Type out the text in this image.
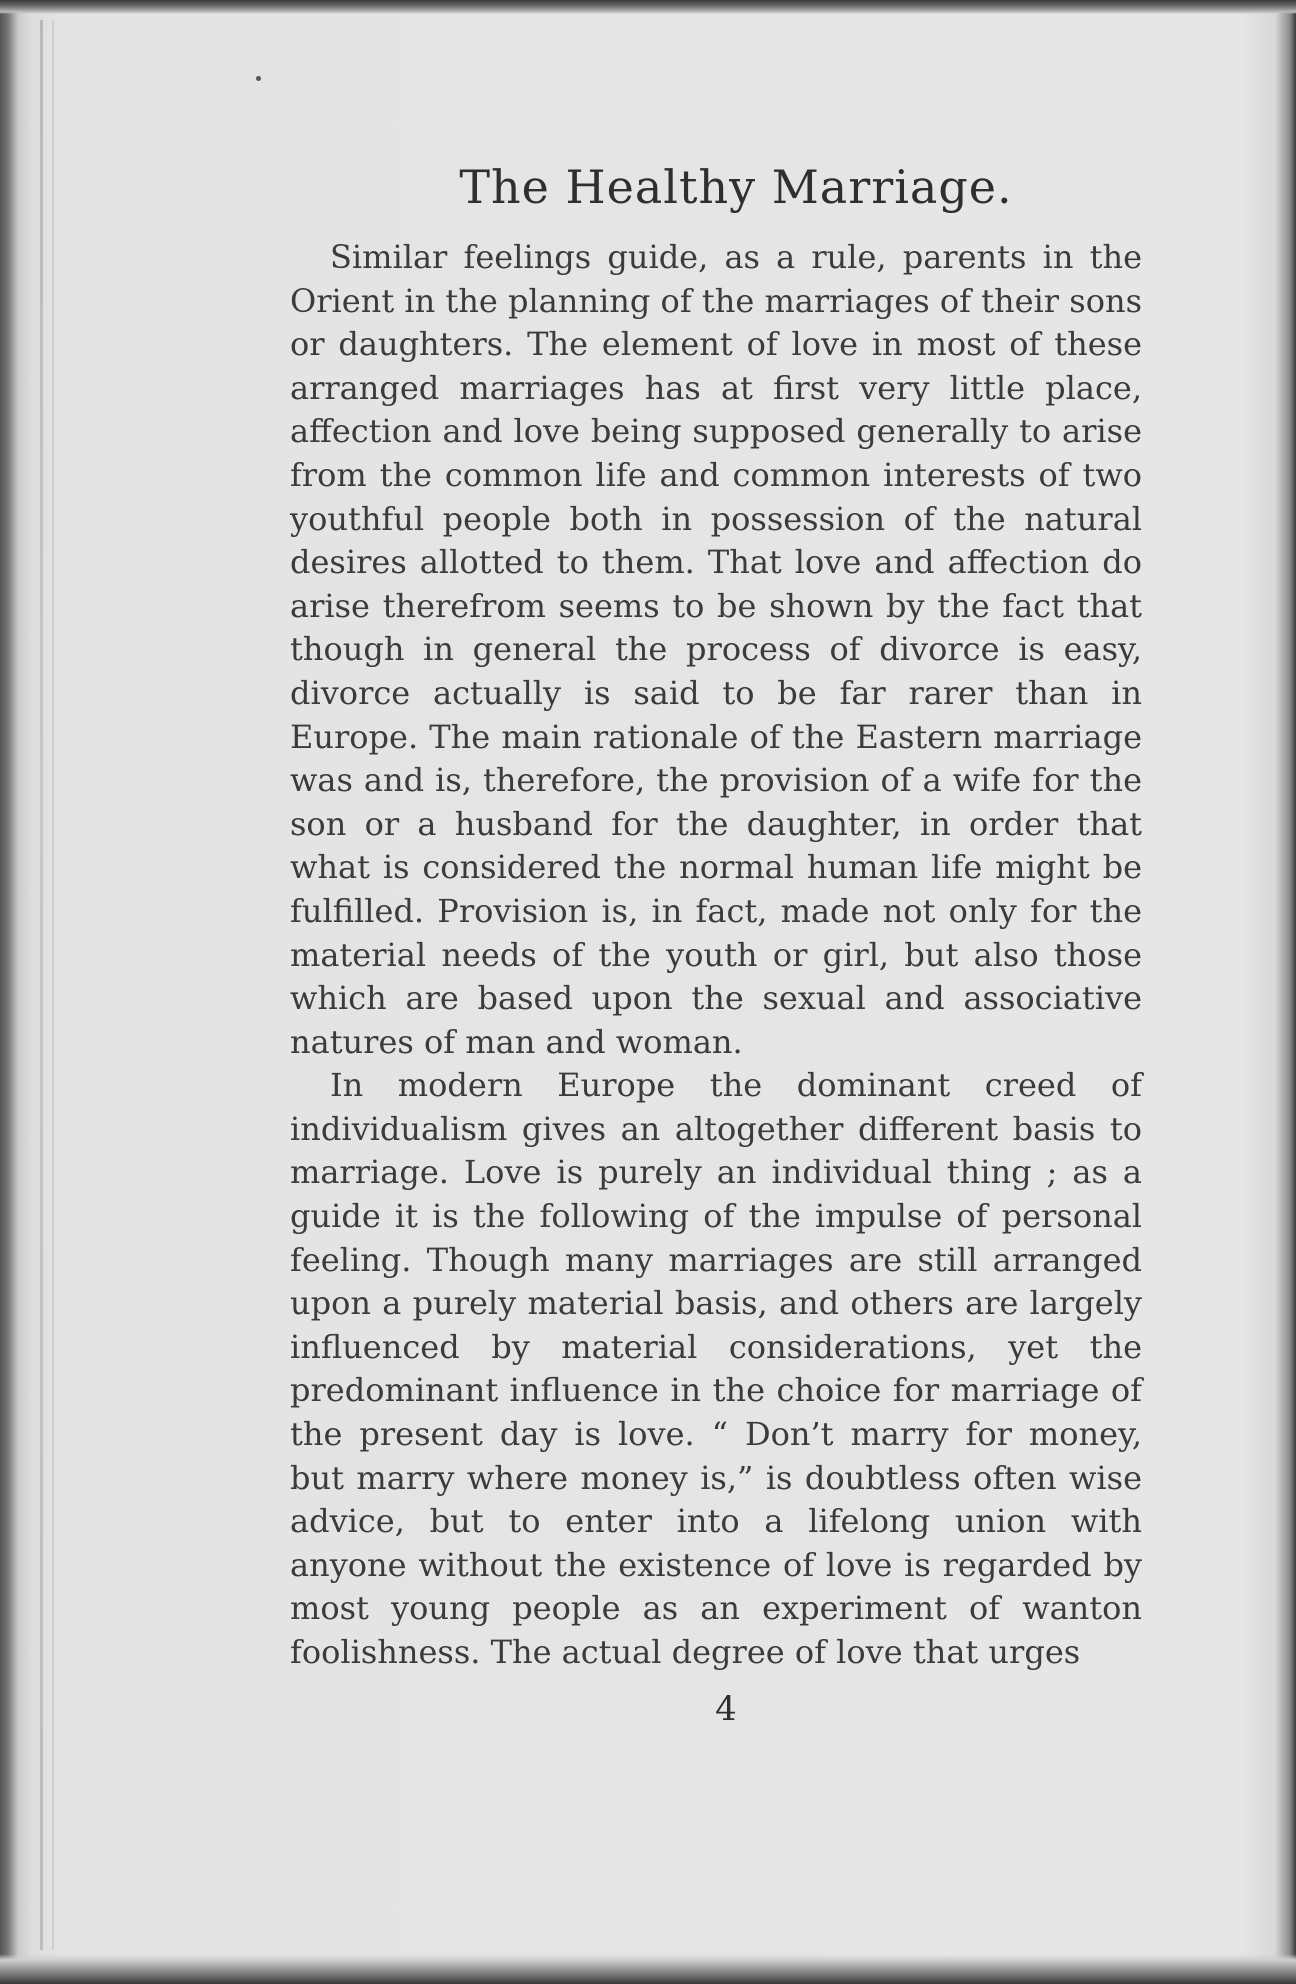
The Healthy Marriage.

Similar feelings guide, as a rule, parents in the Orient in the planning of the marriages of their sons or daughters. The element of love in most of these arranged marriages has at first very little place, affection and love being supposed generally to arise from the common life and common interests of two youthful people both in possession of the natural desires allotted to them. That love and affection do arise therefrom seems to be shown by the fact that though in general the process of divorce is easy, divorce actually is said to be far rarer than in Europe. The main rationale of the Eastern marriage was and is, therefore, the provision of a wife for the son or a husband for the daughter, in order that what is considered the normal human life might be fulfilled. Provision is, in fact, made not only for the material needs of the youth or girl, but also those which are based upon the sexual and associative natures of man and woman.

In modern Europe the dominant creed of individualism gives an altogether different basis to marriage. Love is purely an individual thing ; as a guide it is the following of the impulse of personal feeling. Though many marriages are still arranged upon a purely material basis, and others are largely influenced by material considerations, yet the predominant influence in the choice for marriage of the present day is love. “ Don’t marry for money, but marry where money is,” is doubtless often wise advice, but to enter into a lifelong union with anyone without the existence of love is regarded by most young people as an experiment of wanton foolishness. The actual degree of love that urges

4
